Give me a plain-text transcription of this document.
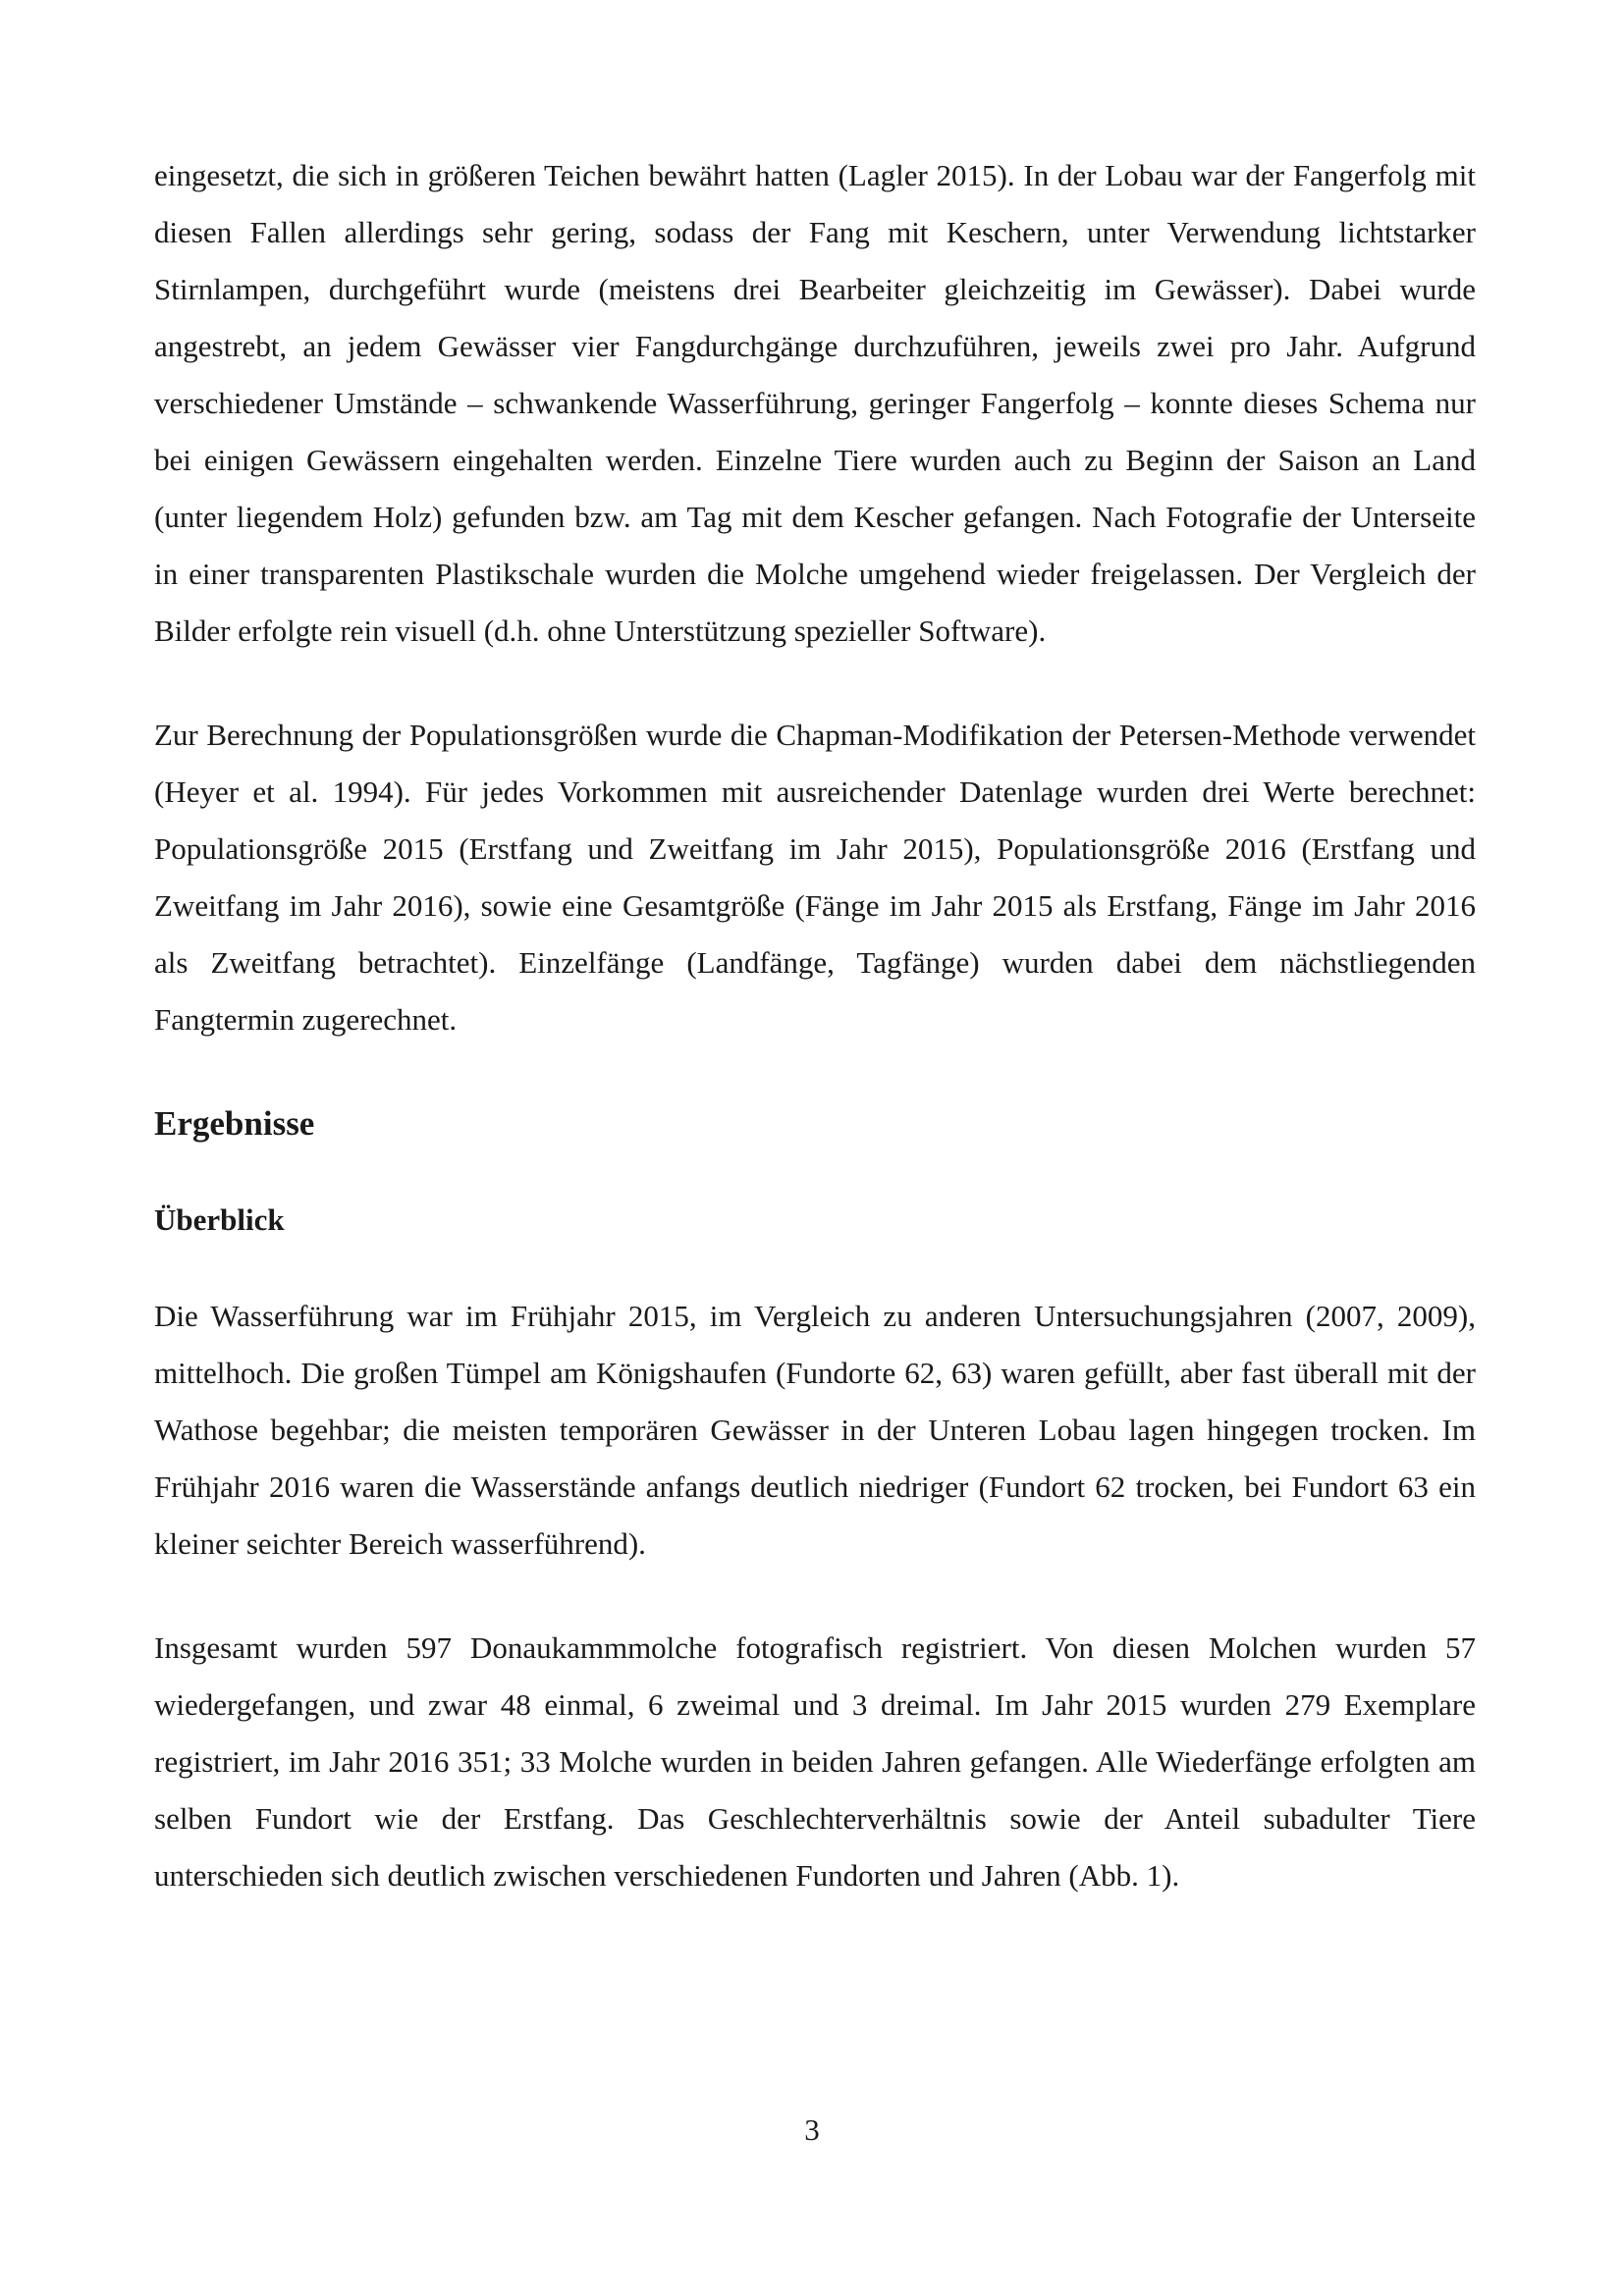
eingesetzt, die sich in größeren Teichen bewährt hatten (Lagler 2015). In der Lobau war der Fangerfolg mit diesen Fallen allerdings sehr gering, sodass der Fang mit Keschern, unter Verwendung lichtstarker Stirnlampen, durchgeführt wurde (meistens drei Bearbeiter gleichzeitig im Gewässer). Dabei wurde angestrebt, an jedem Gewässer vier Fangdurchgänge durchzuführen, jeweils zwei pro Jahr. Aufgrund verschiedener Umstände – schwankende Wasserführung, geringer Fangerfolg – konnte dieses Schema nur bei einigen Gewässern eingehalten werden. Einzelne Tiere wurden auch zu Beginn der Saison an Land (unter liegendem Holz) gefunden bzw. am Tag mit dem Kescher gefangen. Nach Fotografie der Unterseite in einer transparenten Plastikschale wurden die Molche umgehend wieder freigelassen. Der Vergleich der Bilder erfolgte rein visuell (d.h. ohne Unterstützung spezieller Software).

Zur Berechnung der Populationsgrößen wurde die Chapman-Modifikation der Petersen-Methode verwendet (Heyer et al. 1994). Für jedes Vorkommen mit ausreichender Datenlage wurden drei Werte berechnet: Populationsgröße 2015 (Erstfang und Zweitfang im Jahr 2015), Populationsgröße 2016 (Erstfang und Zweitfang im Jahr 2016), sowie eine Gesamtgröße (Fänge im Jahr 2015 als Erstfang, Fänge im Jahr 2016 als Zweitfang betrachtet). Einzelfänge (Landfänge, Tagfänge) wurden dabei dem nächstliegenden Fangtermin zugerechnet.

Ergebnisse
Überblick

Die Wasserführung war im Frühjahr 2015, im Vergleich zu anderen Untersuchungsjahren (2007, 2009), mittelhoch. Die großen Tümpel am Königshaufen (Fundorte 62, 63) waren gefüllt, aber fast überall mit der Wathose begehbar; die meisten temporären Gewässer in der Unteren Lobau lagen hingegen trocken. Im Frühjahr 2016 waren die Wasserstände anfangs deutlich niedriger (Fundort 62 trocken, bei Fundort 63 ein kleiner seichter Bereich wasserführend).

Insgesamt wurden 597 Donaukammmolche fotografisch registriert. Von diesen Molchen wurden 57 wiedergefangen, und zwar 48 einmal, 6 zweimal und 3 dreimal. Im Jahr 2015 wurden 279 Exemplare registriert, im Jahr 2016 351; 33 Molche wurden in beiden Jahren gefangen. Alle Wiederfänge erfolgten am selben Fundort wie der Erstfang. Das Geschlechterverhältnis sowie der Anteil subadulter Tiere unterschieden sich deutlich zwischen verschiedenen Fundorten und Jahren (Abb. 1).

3
